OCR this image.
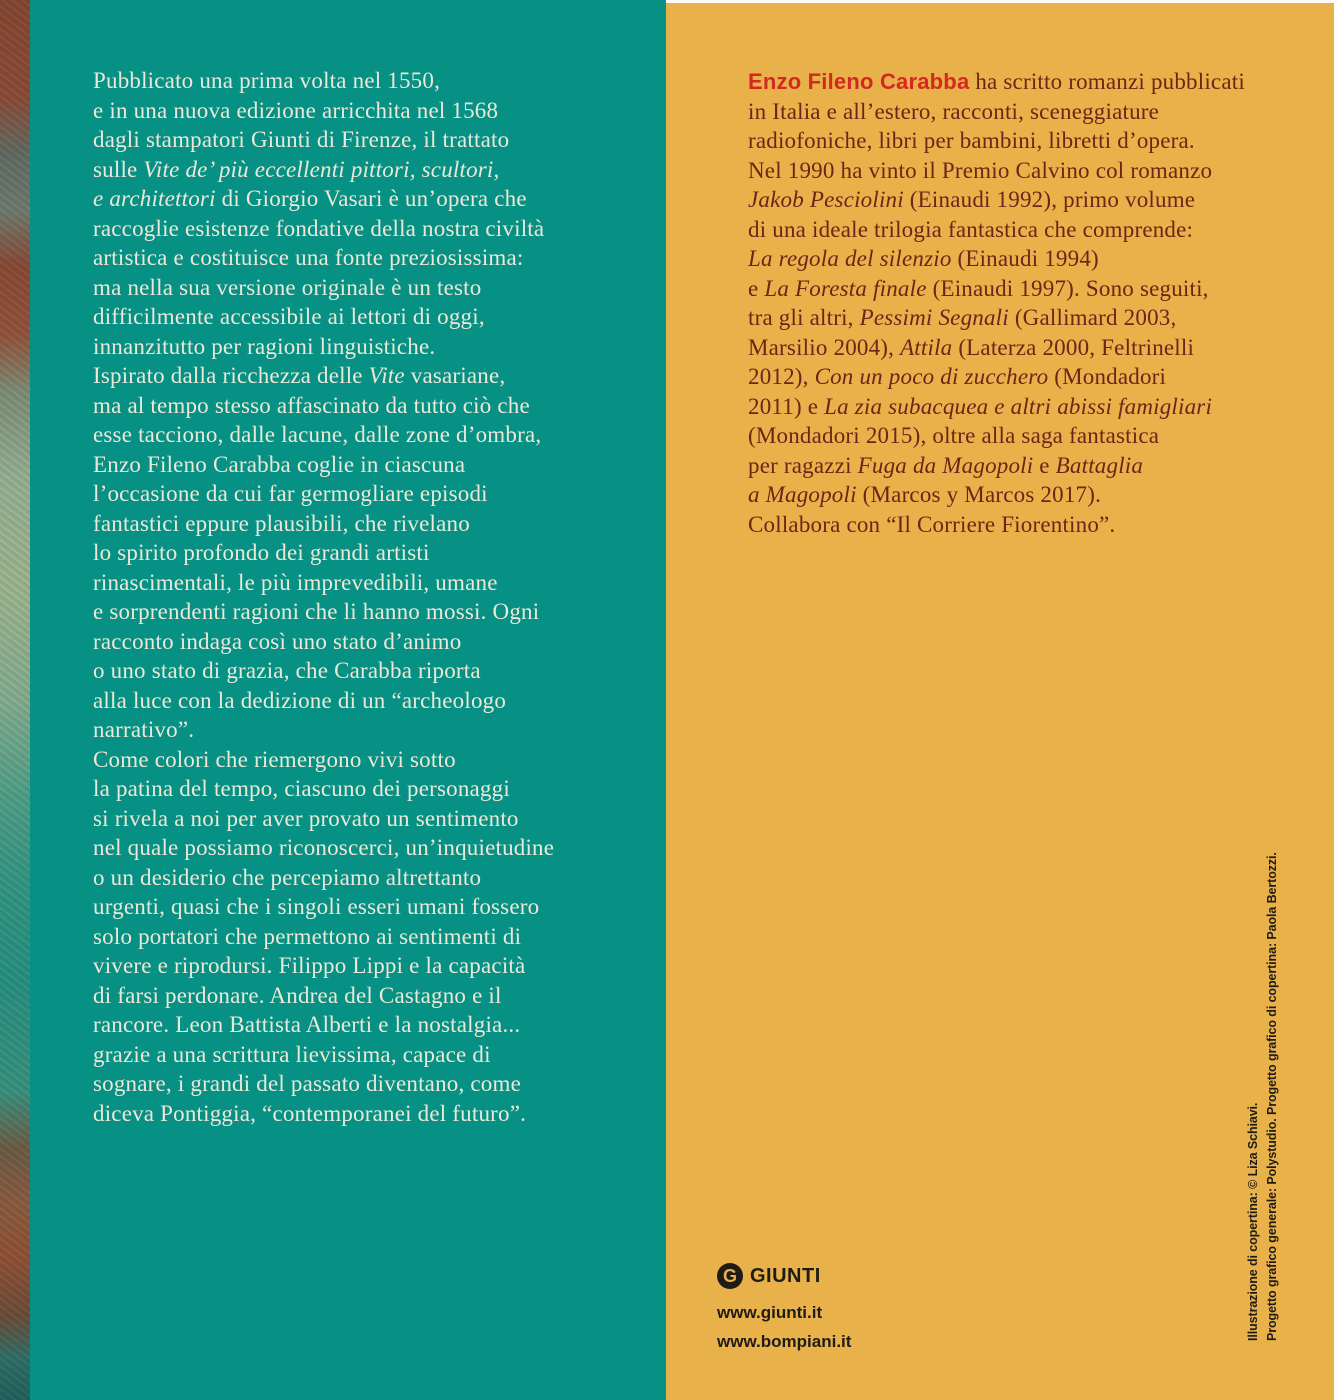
Pubblicato una prima volta nel 1550,
e in una nuova edizione arricchita nel 1568
dagli stampatori Giunti di Firenze, il trattato
sulle Vite de’ più eccellenti pittori, scultori,
e architettori di Giorgio Vasari è un’opera che
raccoglie esistenze fondative della nostra civiltà
artistica e costituisce una fonte preziosissima:
ma nella sua versione originale è un testo
difficilmente accessibile ai lettori di oggi,
innanzitutto per ragioni linguistiche.
Ispirato dalla ricchezza delle Vite vasariane,
ma al tempo stesso affascinato da tutto ciò che
esse tacciono, dalle lacune, dalle zone d’ombra,
Enzo Fileno Carabba coglie in ciascuna
l’occasione da cui far germogliare episodi
fantastici eppure plausibili, che rivelano
lo spirito profondo dei grandi artisti
rinascimentali, le più imprevedibili, umane
e sorprendenti ragioni che li hanno mossi. Ogni
racconto indaga così uno stato d’animo
o uno stato di grazia, che Carabba riporta
alla luce con la dedizione di un “archeologo
narrativo”.
Come colori che riemergono vivi sotto
la patina del tempo, ciascuno dei personaggi
si rivela a noi per aver provato un sentimento
nel quale possiamo riconoscerci, un’inquietudine
o un desiderio che percepiamo altrettanto
urgenti, quasi che i singoli esseri umani fossero
solo portatori che permettono ai sentimenti di
vivere e riprodursi. Filippo Lippi e la capacità
di farsi perdonare. Andrea del Castagno e il
rancore. Leon Battista Alberti e la nostalgia...
grazie a una scrittura lievissima, capace di
sognare, i grandi del passato diventano, come
diceva Pontiggia, “contemporanei del futuro”.
Enzo Fileno Carabba ha scritto romanzi pubblicati
in Italia e all’estero, racconti, sceneggiature
radiofoniche, libri per bambini, libretti d’opera.
Nel 1990 ha vinto il Premio Calvino col romanzo
Jakob Pesciolini (Einaudi 1992), primo volume
di una ideale trilogia fantastica che comprende:
La regola del silenzio (Einaudi 1994)
e La Foresta finale (Einaudi 1997). Sono seguiti,
tra gli altri, Pessimi Segnali (Gallimard 2003,
Marsilio 2004), Attila (Laterza 2000, Feltrinelli
2012), Con un poco di zucchero (Mondadori
2011) e La zia subacquea e altri abissi famigliari
(Mondadori 2015), oltre alla saga fantastica
per ragazzi Fuga da Magopoli e Battaglia
a Magopoli (Marcos y Marcos 2017).
Collabora con “Il Corriere Fiorentino”.
Illustrazione di copertina: © Liza Schiavi. Progetto grafico generale: Polystudio. Progetto grafico di copertina: Paola Bertozzi.
G GIUNTI
www.giunti.it
www.bompiani.it
